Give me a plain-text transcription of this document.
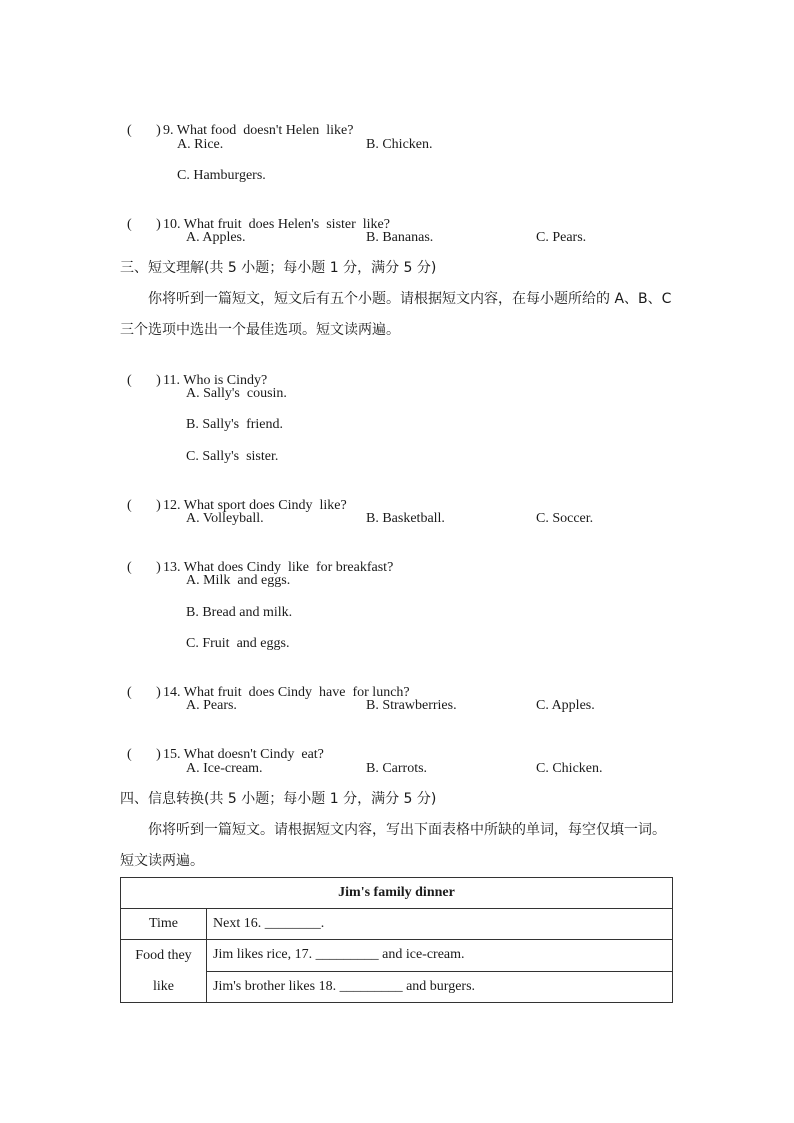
(       ) 9. What food  doesn't Helen  like?

A. Rice.	B. Chicken.
C. Hamburgers.

(       ) 10. What fruit  does Helen's  sister  like?

A. Apples.	B. Bananas.	C. Pears.
三、短文理解(共 5 小题；每小题 1 分，满分 5 分)
你将听到一篇短文，短文后有五个小题。请根据短文内容，在每小题所给的 A、B、C 三个选项中选出一个最佳选项。短文读两遍。

(       ) 11. Who is Cindy?

A. Sally's  cousin.
B. Sally's  friend.
C. Sally's  sister.

(       ) 12. What sport does Cindy  like?

A. Volleyball.	B. Basketball.	C. Soccer.

(       ) 13. What does Cindy  like  for breakfast?

A. Milk  and eggs.
B. Bread and milk.
C. Fruit  and eggs.

(       ) 14. What fruit  does Cindy  have  for lunch?

A. Pears.	B. Strawberries.	C. Apples.

(       ) 15. What doesn't Cindy  eat?

A. Ice-cream.	B. Carrots.	C. Chicken.
四、信息转换(共 5 小题；每小题 1 分，满分 5 分)
你将听到一篇短文。请根据短文内容，写出下面表格中所缺的单词，每空仅填一词。短文读两遍。
Jim's family dinner	
Time	Next 16. ________.

Food they
like	Jim likes rice, 17. _________ and ice-cream.
	Jim's brother likes 18. _________ and burgers.
